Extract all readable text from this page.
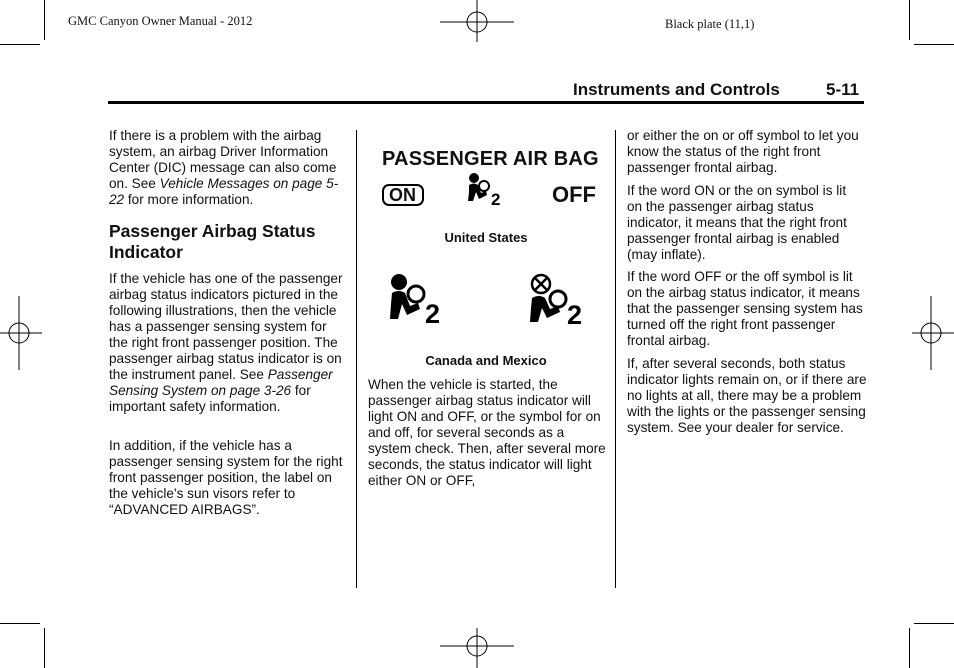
GMC Canyon Owner Manual - 2012	Black plate (11,1)
Instruments and Controls	5-11

If there is a problem with the airbag system, an airbag Driver Information Center (DIC) message can also come on. See Vehicle Messages on page 5-22 for more information.

Passenger Airbag Status Indicator

If the vehicle has one of the passenger airbag status indicators pictured in the following illustrations, then the vehicle has a passenger sensing system for the right front passenger position. The passenger airbag status indicator is on the instrument panel. See Passenger Sensing System on page 3-26 for important safety information.

In addition, if the vehicle has a passenger sensing system for the right front passenger position, the label on the vehicle's sun visors refer to “ADVANCED AIRBAGS”.

PASSENGER AIR BAG
ON	2 OFF
United States
2	2
Canada and Mexico

When the vehicle is started, the passenger airbag status indicator will light ON and OFF, or the symbol for on and off, for several seconds as a system check. Then, after several more seconds, the status indicator will light either ON or OFF,

or either the on or off symbol to let you know the status of the right front passenger frontal airbag.

If the word ON or the on symbol is lit on the passenger airbag status indicator, it means that the right front passenger frontal airbag is enabled (may inflate).

If the word OFF or the off symbol is lit on the airbag status indicator, it means that the passenger sensing system has turned off the right front passenger frontal airbag.

If, after several seconds, both status indicator lights remain on, or if there are no lights at all, there may be a problem with the lights or the passenger sensing system. See your dealer for service.
